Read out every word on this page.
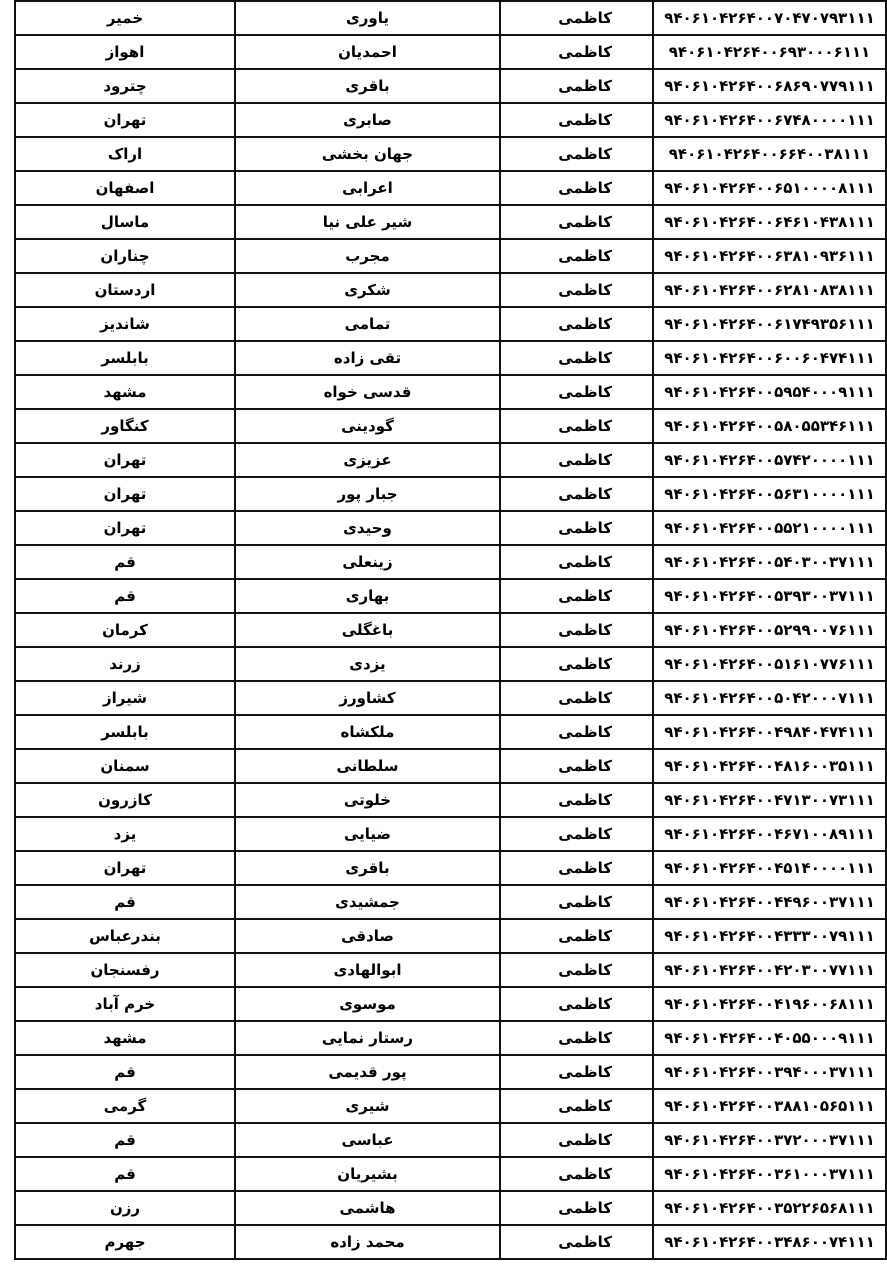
خمیر	یاوری	کاظمی	۹۴۰۶۱۰۴۲۶۴۰۰۷۰۴۷۰۷۹۳۱۱۱
اهواز	احمدیان	کاظمی	۹۴۰۶۱۰۴۲۶۴۰۰۶۹۳۰۰۰۶۱۱۱
چترود	باقری	کاظمی	۹۴۰۶۱۰۴۲۶۴۰۰۶۸۶۹۰۷۷۹۱۱۱
تهران	صابری	کاظمی	۹۴۰۶۱۰۴۲۶۴۰۰۶۷۴۸۰۰۰۰۱۱۱
اراک	جهان بخشی	کاظمی	۹۴۰۶۱۰۴۲۶۴۰۰۶۶۴۰۰۳۸۱۱۱
اصفهان	اعرابی	کاظمی	۹۴۰۶۱۰۴۲۶۴۰۰۶۵۱۰۰۰۰۸۱۱۱
ماسال	شیر علی نیا	کاظمی	۹۴۰۶۱۰۴۲۶۴۰۰۶۴۶۱۰۴۳۸۱۱۱
چناران	مجرب	کاظمی	۹۴۰۶۱۰۴۲۶۴۰۰۶۳۸۱۰۹۳۶۱۱۱
اردستان	شکری	کاظمی	۹۴۰۶۱۰۴۲۶۴۰۰۶۲۸۱۰۸۳۸۱۱۱
شاندیز	تمامی	کاظمی	۹۴۰۶۱۰۴۲۶۴۰۰۶۱۷۴۹۳۵۶۱۱۱
بابلسر	تقی زاده	کاظمی	۹۴۰۶۱۰۴۲۶۴۰۰۶۰۰۶۰۴۷۴۱۱۱
مشهد	قدسی خواه	کاظمی	۹۴۰۶۱۰۴۲۶۴۰۰۵۹۵۴۰۰۰۹۱۱۱
کنگاور	گودینی	کاظمی	۹۴۰۶۱۰۴۲۶۴۰۰۵۸۰۵۵۳۴۶۱۱۱
تهران	عزیزی	کاظمی	۹۴۰۶۱۰۴۲۶۴۰۰۵۷۴۲۰۰۰۰۱۱۱
تهران	جبار پور	کاظمی	۹۴۰۶۱۰۴۲۶۴۰۰۵۶۳۱۰۰۰۰۱۱۱
تهران	وحیدی	کاظمی	۹۴۰۶۱۰۴۲۶۴۰۰۵۵۲۱۰۰۰۰۱۱۱
قم	زینعلی	کاظمی	۹۴۰۶۱۰۴۲۶۴۰۰۵۴۰۳۰۰۳۷۱۱۱
قم	بهاری	کاظمی	۹۴۰۶۱۰۴۲۶۴۰۰۵۳۹۳۰۰۳۷۱۱۱
کرمان	باغگلی	کاظمی	۹۴۰۶۱۰۴۲۶۴۰۰۵۲۹۹۰۰۷۶۱۱۱
زرند	یزدی	کاظمی	۹۴۰۶۱۰۴۲۶۴۰۰۵۱۶۱۰۷۷۶۱۱۱
شیراز	کشاورز	کاظمی	۹۴۰۶۱۰۴۲۶۴۰۰۵۰۴۲۰۰۰۷۱۱۱
بابلسر	ملکشاه	کاظمی	۹۴۰۶۱۰۴۲۶۴۰۰۴۹۸۴۰۴۷۴۱۱۱
سمنان	سلطانی	کاظمی	۹۴۰۶۱۰۴۲۶۴۰۰۴۸۱۶۰۰۳۵۱۱۱
کازرون	خلوتی	کاظمی	۹۴۰۶۱۰۴۲۶۴۰۰۴۷۱۳۰۰۷۳۱۱۱
یزد	ضیایی	کاظمی	۹۴۰۶۱۰۴۲۶۴۰۰۴۶۷۱۰۰۸۹۱۱۱
تهران	باقری	کاظمی	۹۴۰۶۱۰۴۲۶۴۰۰۴۵۱۴۰۰۰۰۱۱۱
قم	جمشیدی	کاظمی	۹۴۰۶۱۰۴۲۶۴۰۰۴۴۹۶۰۰۳۷۱۱۱
بندرعباس	صادقی	کاظمی	۹۴۰۶۱۰۴۲۶۴۰۰۴۳۳۳۰۰۷۹۱۱۱
رفسنجان	ابوالهادی	کاظمی	۹۴۰۶۱۰۴۲۶۴۰۰۴۲۰۳۰۰۷۷۱۱۱
خرم آباد	موسوی	کاظمی	۹۴۰۶۱۰۴۲۶۴۰۰۴۱۹۶۰۰۶۸۱۱۱
مشهد	رستار نمایی	کاظمی	۹۴۰۶۱۰۴۲۶۴۰۰۴۰۵۵۰۰۰۹۱۱۱
قم	پور قدیمی	کاظمی	۹۴۰۶۱۰۴۲۶۴۰۰۳۹۴۰۰۰۳۷۱۱۱
گرمی	شیری	کاظمی	۹۴۰۶۱۰۴۲۶۴۰۰۳۸۸۱۰۵۶۵۱۱۱
قم	عباسی	کاظمی	۹۴۰۶۱۰۴۲۶۴۰۰۳۷۲۰۰۰۳۷۱۱۱
قم	بشیریان	کاظمی	۹۴۰۶۱۰۴۲۶۴۰۰۳۶۱۰۰۰۳۷۱۱۱
رزن	هاشمی	کاظمی	۹۴۰۶۱۰۴۲۶۴۰۰۳۵۲۲۶۵۶۸۱۱۱
جهرم	محمد زاده	کاظمی	۹۴۰۶۱۰۴۲۶۴۰۰۳۴۸۶۰۰۷۴۱۱۱
